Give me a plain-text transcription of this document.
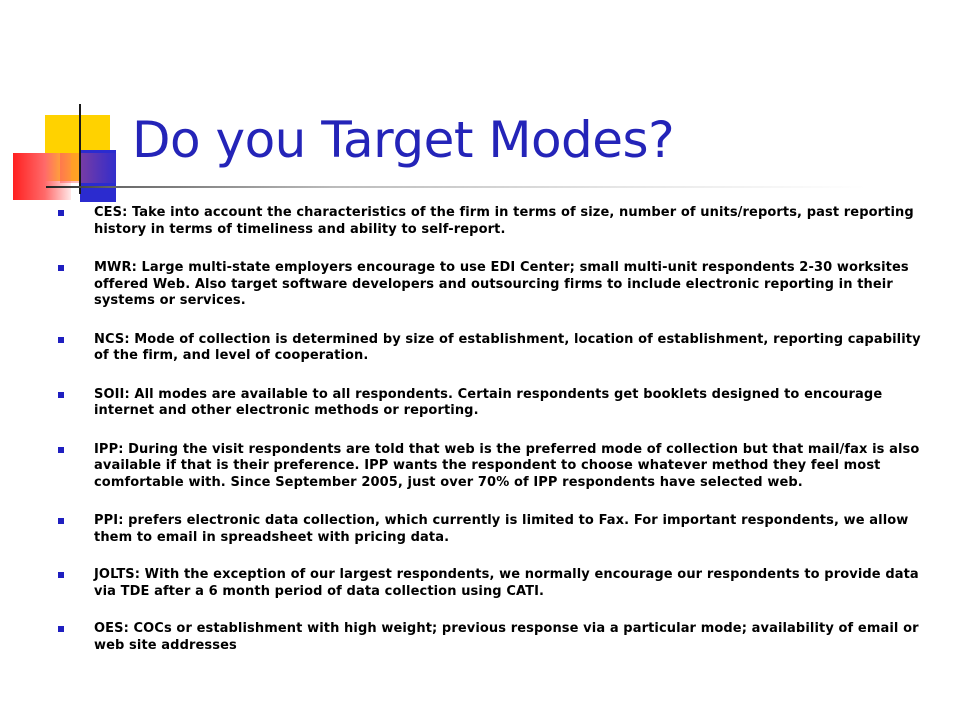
Do you Target Modes?
CES: Take into account the characteristics of the firm in terms of size, number of units/reports, past reporting history in terms of timeliness and ability to self-report.
MWR: Large multi-state employers encourage to use EDI Center; small multi-unit respondents 2-30 worksites offered Web. Also target software developers and outsourcing firms to include electronic reporting in their systems or services.
NCS: Mode of collection is determined by size of establishment, location of establishment, reporting capability of the firm, and level of cooperation.
SOII: All modes are available to all respondents. Certain respondents get booklets designed to encourage internet and other electronic methods or reporting.
IPP: During the visit respondents are told that web is the preferred mode of collection but that mail/fax is also available if that is their preference. IPP wants the respondent to choose whatever method they feel most comfortable with. Since September 2005, just over 70% of IPP respondents have selected web.
PPI: prefers electronic data collection, which currently is limited to Fax. For important respondents, we allow them to email in spreadsheet with pricing data.
JOLTS: With the exception of our largest respondents, we normally encourage our respondents to provide data via TDE after a 6 month period of data collection using CATI.
OES: COCs or establishment with high weight; previous response via a particular mode; availability of email or web site addresses
